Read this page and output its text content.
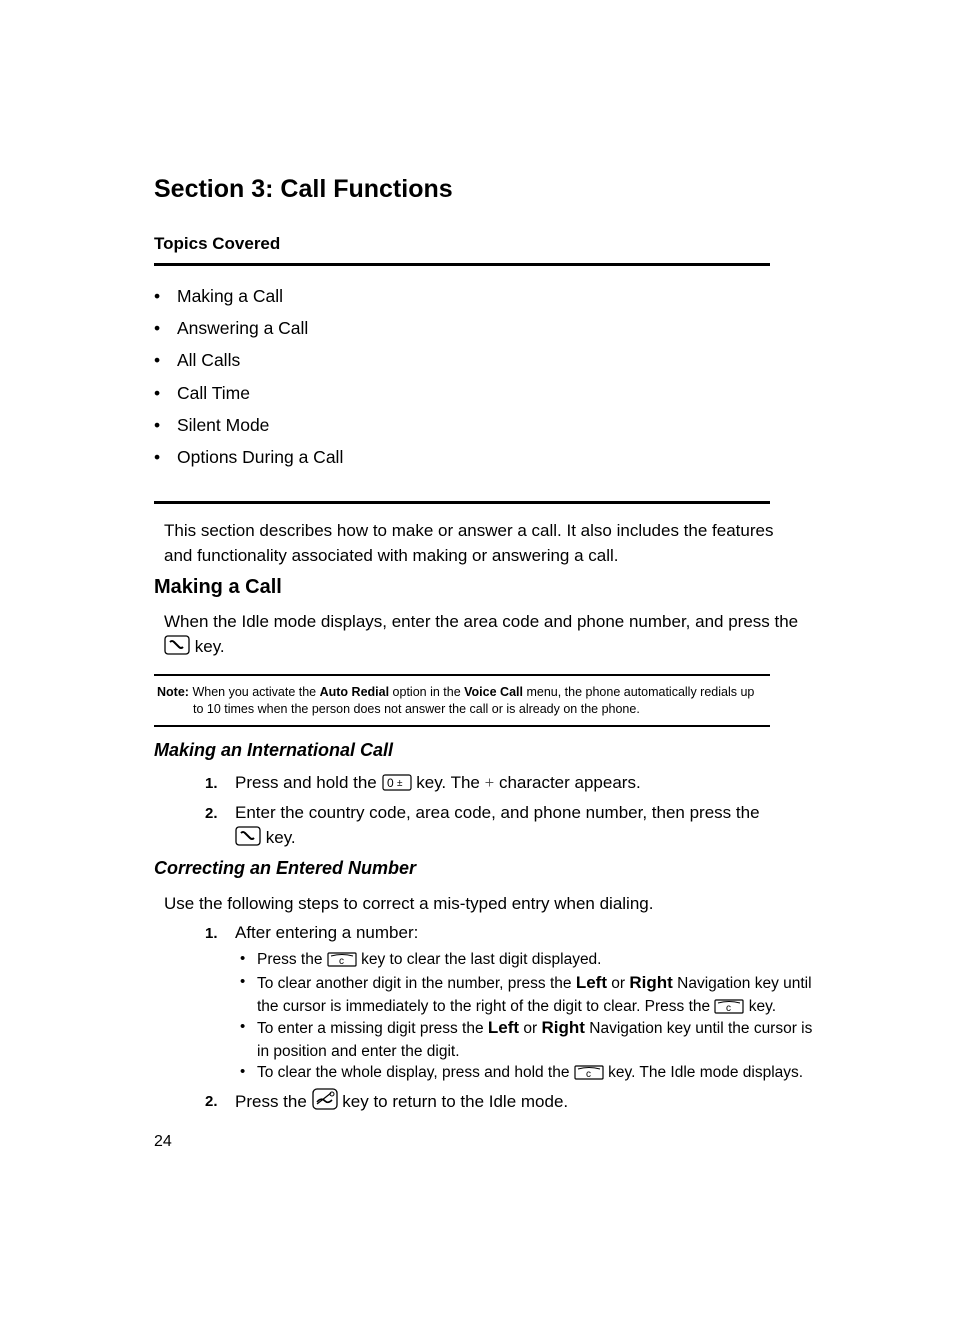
Section 3: Call Functions
Topics Covered
• Making a Call
• Answering a Call
• All Calls
• Call Time
• Silent Mode
• Options During a Call
This section describes how to make or answer a call. It also includes the features
and functionality associated with making or answering a call.
Making a Call
When the Idle mode displays, enter the area code and phone number, and press the
key.
Note: When you activate the Auto Redial option in the Voice Call menu, the phone automatically redials up
to 10 times when the person does not answer the call or is already on the phone.
Making an International Call
1. Press and hold the 0 ± key. The + character appears.
2. Enter the country code, area code, and phone number, then press the
key.
Correcting an Entered Number
Use the following steps to correct a mis-typed entry when dialing.
1. After entering a number:
• Press the c key to clear the last digit displayed.
• To clear another digit in the number, press the Left or Right Navigation key until
the cursor is immediately to the right of the digit to clear. Press the c key.
• To enter a missing digit press the Left or Right Navigation key until the cursor is
in position and enter the digit.
• To clear the whole display, press and hold the c key. The Idle mode displays.
2. Press the key to return to the Idle mode.
24
